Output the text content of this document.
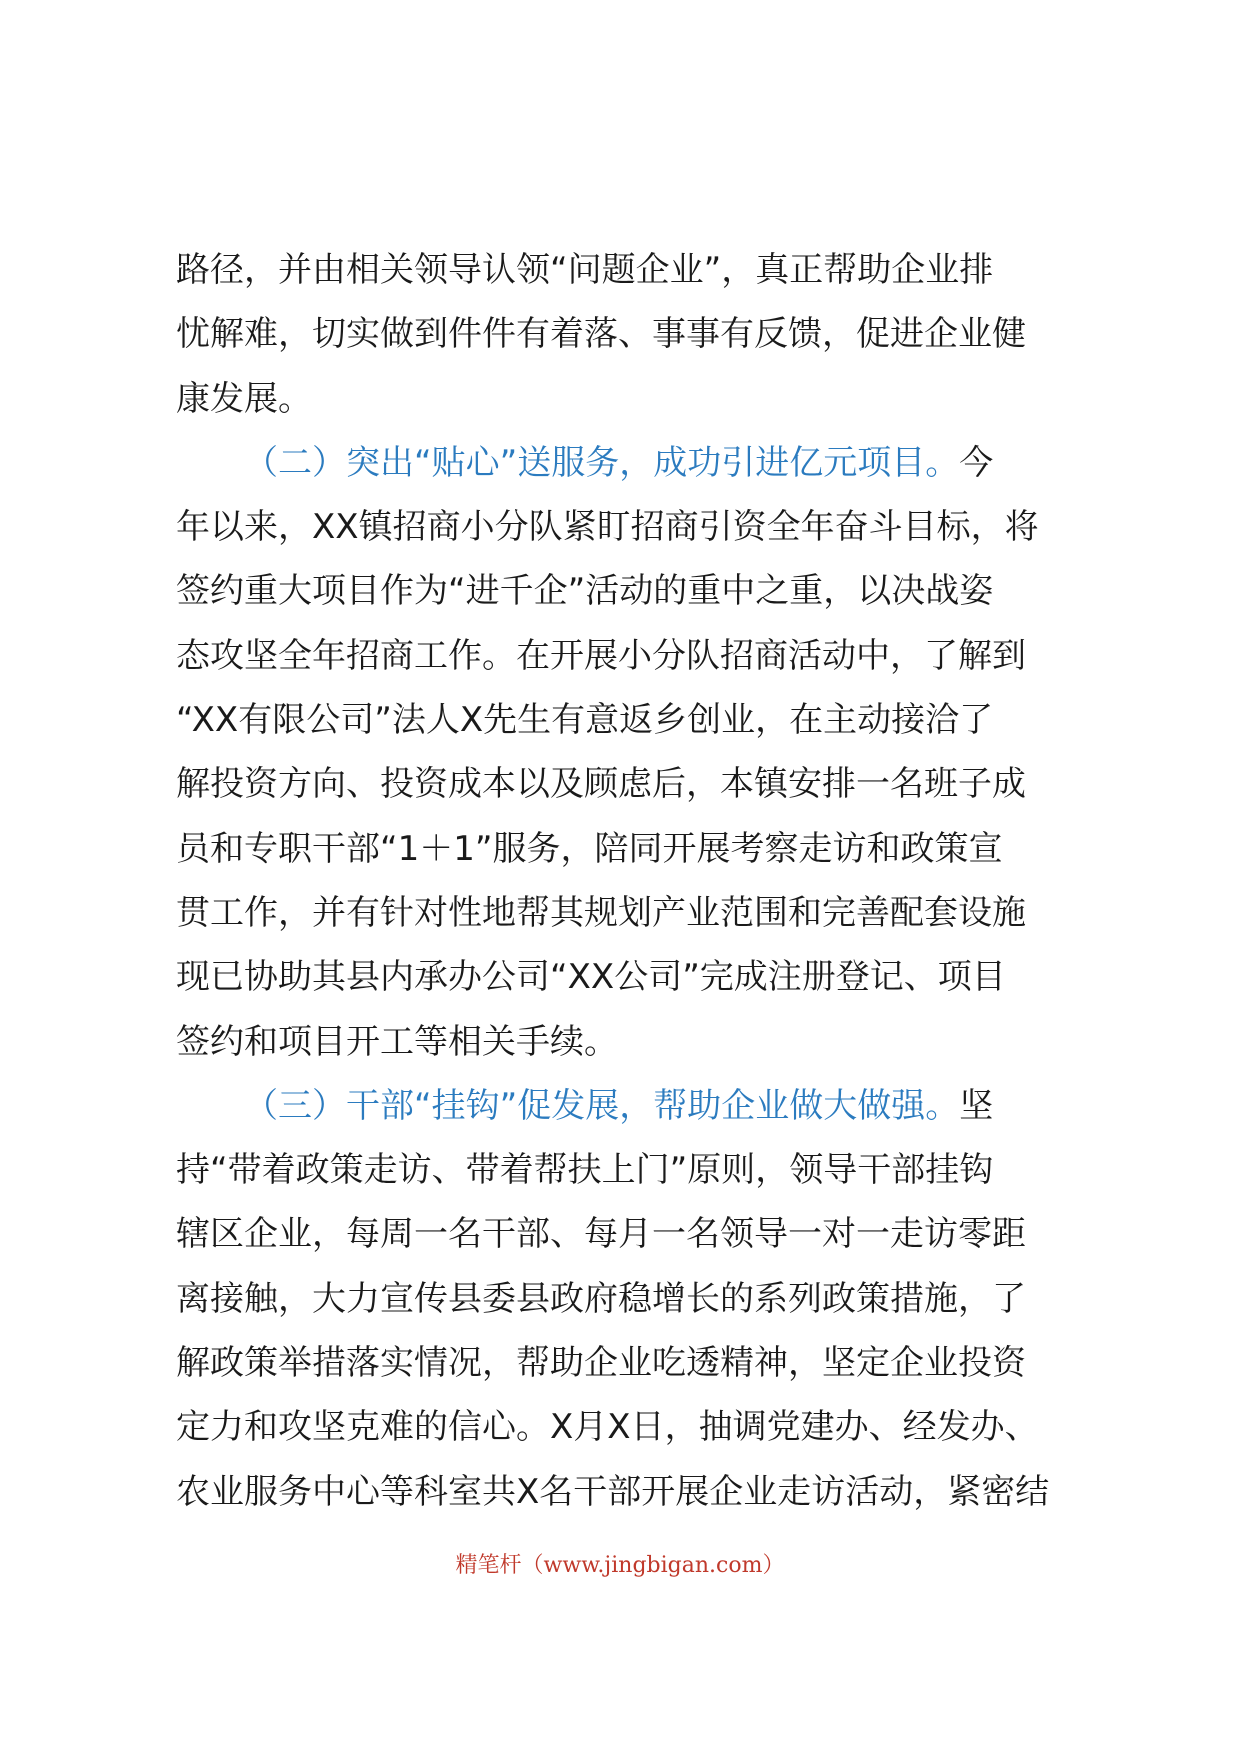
路径，并由相关领导认领“问题企业”，真正帮助企业排
忧解难，切实做到件件有着落、事事有反馈，促进企业健
康发展。
（二）突出“贴心”送服务，成功引进亿元项目。今
年以来，XX镇招商小分队紧盯招商引资全年奋斗目标，将
签约重大项目作为“进千企”活动的重中之重，以决战姿
态攻坚全年招商工作。在开展小分队招商活动中，了解到
“XX有限公司”法人X先生有意返乡创业，在主动接洽了
解投资方向、投资成本以及顾虑后，本镇安排一名班子成
员和专职干部“1＋1”服务，陪同开展考察走访和政策宣
贯工作，并有针对性地帮其规划产业范围和完善配套设施
现已协助其县内承办公司“XX公司”完成注册登记、项目
签约和项目开工等相关手续。
（三）干部“挂钩”促发展，帮助企业做大做强。坚
持“带着政策走访、带着帮扶上门”原则，领导干部挂钩
辖区企业，每周一名干部、每月一名领导一对一走访零距
离接触，大力宣传县委县政府稳增长的系列政策措施，了
解政策举措落实情况，帮助企业吃透精神，坚定企业投资
定力和攻坚克难的信心。X月X日，抽调党建办、经发办、
农业服务中心等科室共X名干部开展企业走访活动，紧密结
精笔杆（www.jingbigan.com）
